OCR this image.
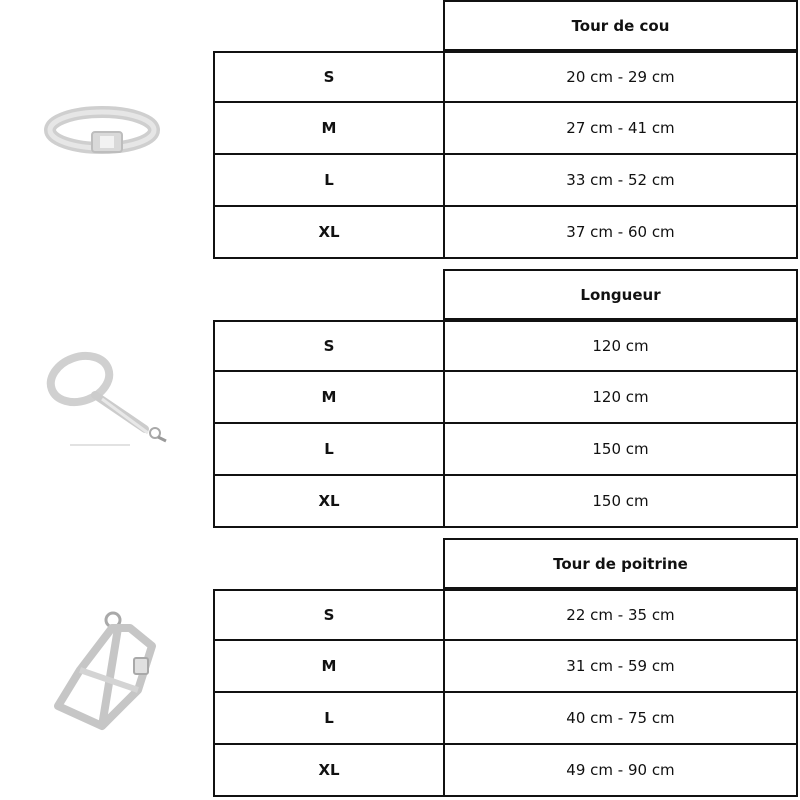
Tour de cou
S	20 cm - 29 cm
M	27 cm - 41 cm
L	33 cm - 52 cm
XL	37 cm - 60 cm
Longueur
S	120 cm
M	120 cm
L	150 cm
XL	150 cm
Tour de poitrine
S	22 cm - 35 cm
M	31 cm - 59 cm
L	40 cm - 75 cm
XL	49 cm - 90 cm
